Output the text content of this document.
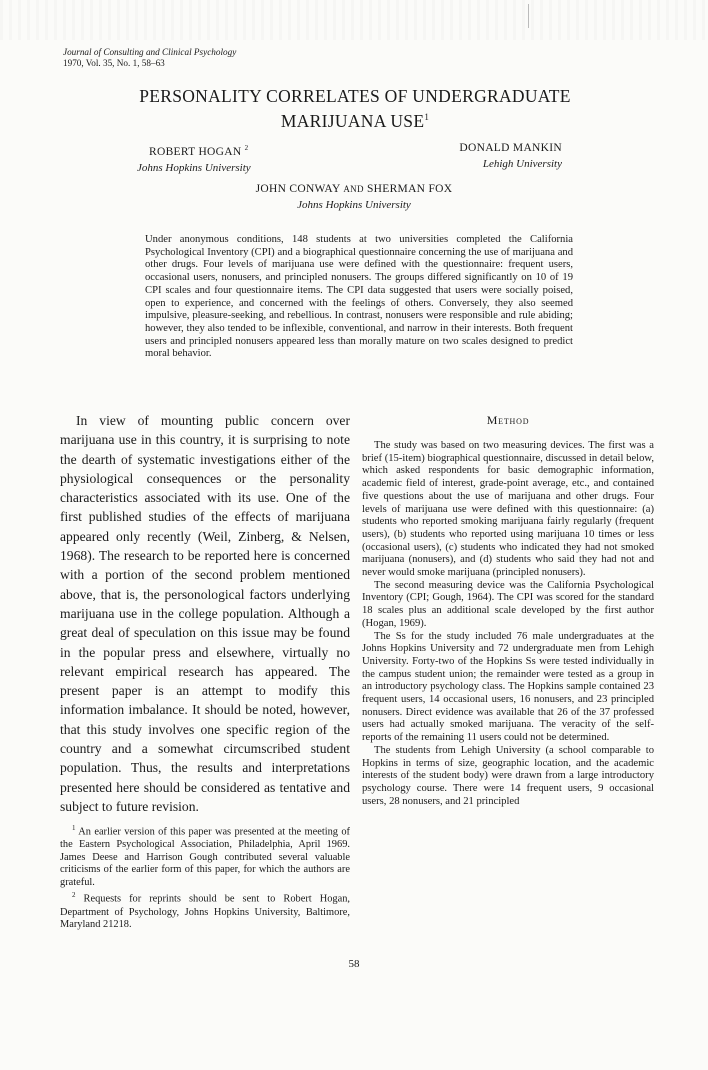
Journal of Consulting and Clinical Psychology
1970, Vol. 35, No. 1, 58–63
PERSONALITY CORRELATES OF UNDERGRADUATE
MARIJUANA USE$^1$
ROBERT HOGAN $^2$
Johns Hopkins University
DONALD MANKIN
Lehigh University
JOHN CONWAY AND SHERMAN FOX
Johns Hopkins University
Under anonymous conditions, 148 students at two universities completed the California Psychological Inventory (CPI) and a biographical questionnaire concerning the use of marijuana and other drugs. Four levels of marijuana use were defined with the questionnaire: frequent users, occasional users, nonusers, and principled nonusers. The groups differed significantly on 10 of 19 CPI scales and four questionnaire items. The CPI data suggested that users were socially poised, open to experience, and concerned with the feelings of others. Conversely, they also seemed impulsive, pleasure-seeking, and rebellious. In contrast, nonusers were responsible and rule abiding; however, they also tended to be inflexible, conventional, and narrow in their interests. Both frequent users and principled nonusers appeared less than morally mature on two scales designed to predict moral behavior.

In view of mounting public concern over marijuana use in this country, it is surprising to note the dearth of systematic investigations either of the physiological consequences or the personality characteristics associated with its use. One of the first published studies of the effects of marijuana appeared only recently (Weil, Zinberg, & Nelsen, 1968). The research to be reported here is concerned with a portion of the second problem mentioned above, that is, the personological factors underlying marijuana use in the college population. Although a great deal of speculation on this issue may be found in the popular press and elsewhere, virtually no relevant empirical research has appeared. The present paper is an attempt to modify this information imbalance. It should be noted, however, that this study involves one specific region of the country and a somewhat circumscribed student population. Thus, the results and interpretations presented here should be considered as tentative and subject to future revision.

$^1$ An earlier version of this paper was presented at the meeting of the Eastern Psychological Association, Philadelphia, April 1969. James Deese and Harrison Gough contributed several valuable criticisms of the earlier form of this paper, for which the authors are grateful.

$^2$ Requests for reprints should be sent to Robert Hogan, Department of Psychology, Johns Hopkins University, Baltimore, Maryland 21218.

Method

The study was based on two measuring devices. The first was a brief (15-item) biographical questionnaire, discussed in detail below, which asked respondents for basic demographic information, academic field of interest, grade-point average, etc., and contained five questions about the use of marijuana and other drugs. Four levels of marijuana use were defined with this questionnaire: (a) students who reported smoking marijuana fairly regularly (frequent users), (b) students who reported using marijuana 10 times or less (occasional users), (c) students who indicated they had not smoked marijuana (nonusers), and (d) students who said they had not and never would smoke marijuana (principled nonusers).

The second measuring device was the California Psychological Inventory (CPI; Gough, 1964). The CPI was scored for the standard 18 scales plus an additional scale developed by the first author (Hogan, 1969).

The Ss for the study included 76 male undergraduates at the Johns Hopkins University and 72 undergraduate men from Lehigh University. Forty-two of the Hopkins Ss were tested individually in the campus student union; the remainder were tested as a group in an introductory psychology class. The Hopkins sample contained 23 frequent users, 14 occasional users, 16 nonusers, and 23 principled nonusers. Direct evidence was available that 26 of the 37 professed users had actually smoked marijuana. The veracity of the self-reports of the remaining 11 users could not be determined.

The students from Lehigh University (a school comparable to Hopkins in terms of size, geographic location, and the academic interests of the student body) were drawn from a large introductory psychology course. There were 14 frequent users, 9 occasional users, 28 nonusers, and 21 principled

58
